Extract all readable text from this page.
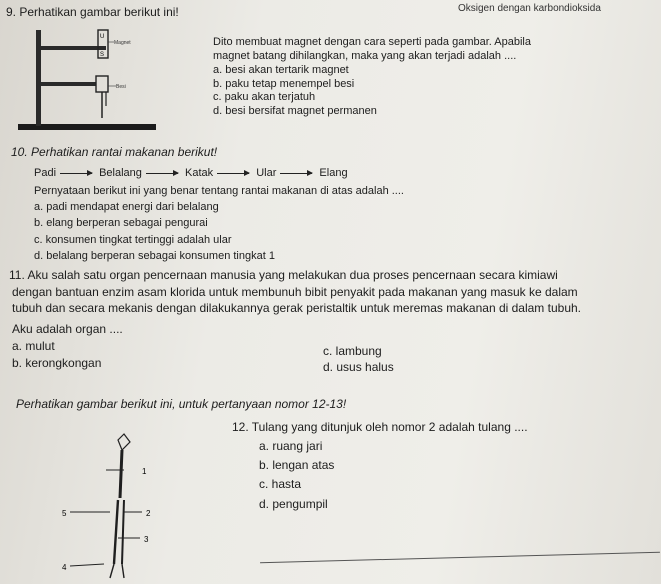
Oksigen dengan karbondioksida
9. Perhatikan gambar berikut ini!
U
S
Magnet
Besi
Dito membuat magnet dengan cara seperti pada gambar. Apabila
magnet batang dihilangkan, maka yang akan terjadi adalah ....
a. besi akan tertarik magnet
b. paku tetap menempel besi
c. paku akan terjatuh
d. besi bersifat magnet permanen
10. Perhatikan rantai makanan berikut!
Padi	Belalang	Katak	Ular	Elang
Pernyataan berikut ini yang benar tentang rantai makanan di atas adalah ....
a. padi mendapat energi dari belalang
b. elang berperan sebagai pengurai
c. konsumen tingkat tertinggi adalah ular
d. belalang berperan sebagai konsumen tingkat 1
11. Aku salah satu organ pencernaan manusia yang melakukan dua proses pencernaan secara kimiawi
dengan bantuan enzim asam klorida untuk membunuh bibit penyakit pada makanan yang masuk ke dalam
tubuh dan secara mekanis dengan dilakukannya gerak peristaltik untuk meremas makanan di dalam tubuh.
Aku adalah organ ....
a. mulut
b. kerongkongan
c. lambung
d. usus halus
Perhatikan gambar berikut ini, untuk pertanyaan nomor 12-13!
1
2
3
4
5
12. Tulang yang ditunjuk oleh nomor 2 adalah tulang ....
a. ruang jari
b. lengan atas
c. hasta
d. pengumpil
